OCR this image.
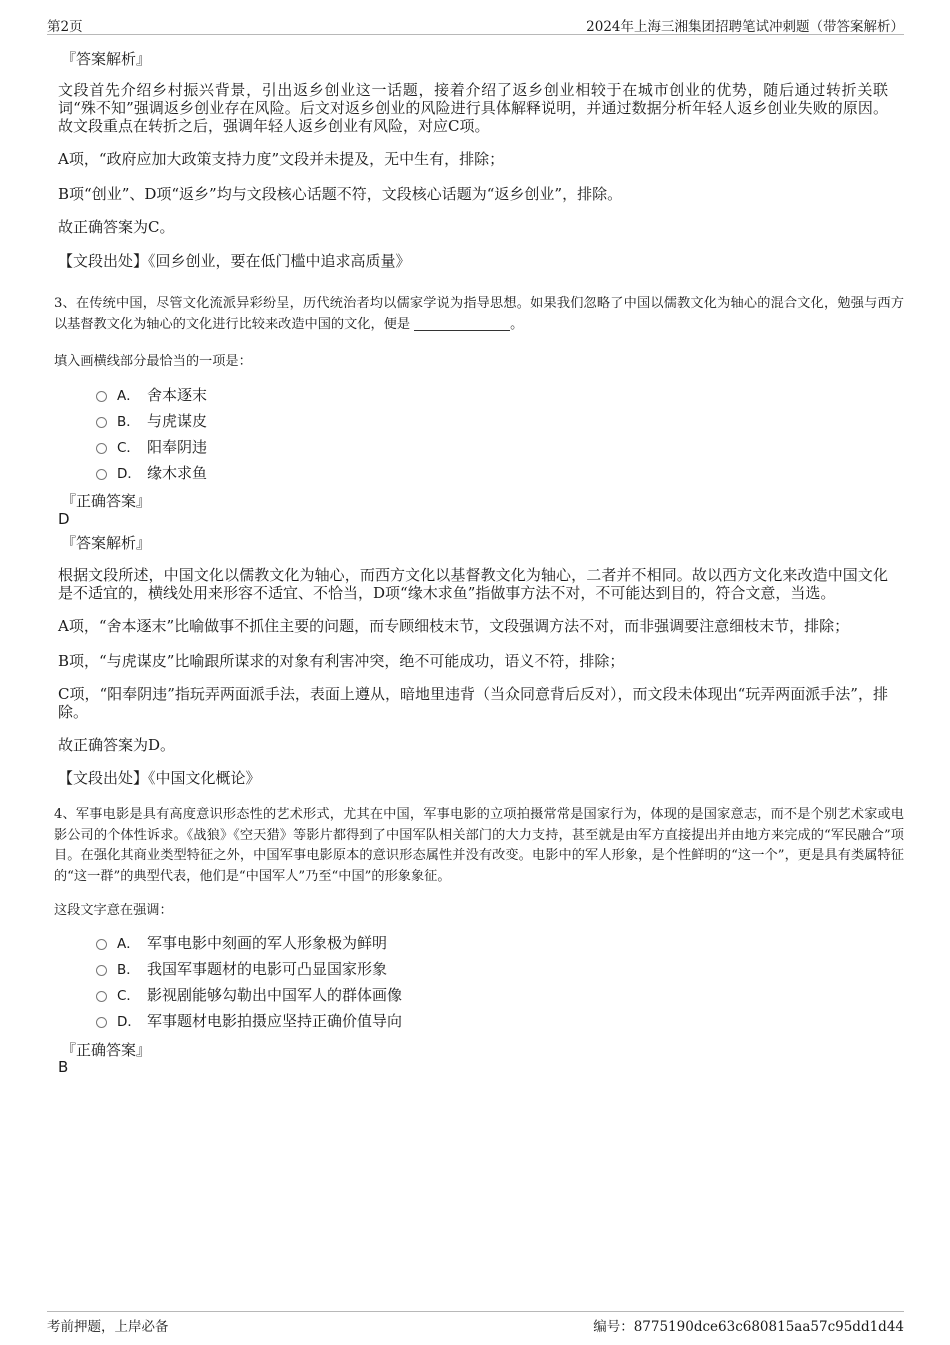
第2页	2024年上海三湘集团招聘笔试冲刺题（带答案解析）

『答案解析』

文段首先介绍乡村振兴背景，引出返乡创业这一话题，接着介绍了返乡创业相较于在城市创业的优势，随后通过转折关联词“殊不知”强调返乡创业存在风险。后文对返乡创业的风险进行具体解释说明，并通过数据分析年轻人返乡创业失败的原因。故文段重点在转折之后，强调年轻人返乡创业有风险，对应C项。

A项，“政府应加大政策支持力度”文段并未提及，无中生有，排除；

B项“创业”、D项“返乡”均与文段核心话题不符，文段核心话题为“返乡创业”，排除。

故正确答案为C。

【文段出处】《回乡创业，要在低门槛中追求高质量》

3、在传统中国，尽管文化流派异彩纷呈，历代统治者均以儒家学说为指导思想。如果我们忽略了中国以儒教文化为轴心的混合文化，勉强与西方以基督教文化为轴心的文化进行比较来改造中国的文化，便是	。

填入画横线部分最恰当的一项是：

A． 舍本逐末
B． 与虎谋皮
C． 阳奉阴违
D． 缘木求鱼

『正确答案』

D

『答案解析』

根据文段所述，中国文化以儒教文化为轴心，而西方文化以基督教文化为轴心，二者并不相同。故以西方文化来改造中国文化是不适宜的，横线处用来形容不适宜、不恰当，D项“缘木求鱼”指做事方法不对，不可能达到目的，符合文意，当选。

A项，“舍本逐末”比喻做事不抓住主要的问题，而专顾细枝末节，文段强调方法不对，而非强调要注意细枝末节，排除；

B项，“与虎谋皮”比喻跟所谋求的对象有利害冲突，绝不可能成功，语义不符，排除；

C项，“阳奉阴违”指玩弄两面派手法，表面上遵从，暗地里违背（当众同意背后反对），而文段未体现出“玩弄两面派手法”，排除。

故正确答案为D。

【文段出处】《中国文化概论》

4、军事电影是具有高度意识形态性的艺术形式，尤其在中国，军事电影的立项拍摄常常是国家行为，体现的是国家意志，而不是个别艺术家或电影公司的个体性诉求。《战狼》《空天猎》等影片都得到了中国军队相关部门的大力支持，甚至就是由军方直接提出并由地方来完成的“军民融合”项目。在强化其商业类型特征之外，中国军事电影原本的意识形态属性并没有改变。电影中的军人形象，是个性鲜明的“这一个”，更是具有类属特征的“这一群”的典型代表，他们是“中国军人”乃至“中国”的形象象征。

这段文字意在强调：

A． 军事电影中刻画的军人形象极为鲜明
B． 我国军事题材的电影可凸显国家形象
C． 影视剧能够勾勒出中国军人的群体画像
D． 军事题材电影拍摄应坚持正确价值导向

『正确答案』

B

考前押题，上岸必备	编号：8775190dce63c680815aa57c95dd1d44
